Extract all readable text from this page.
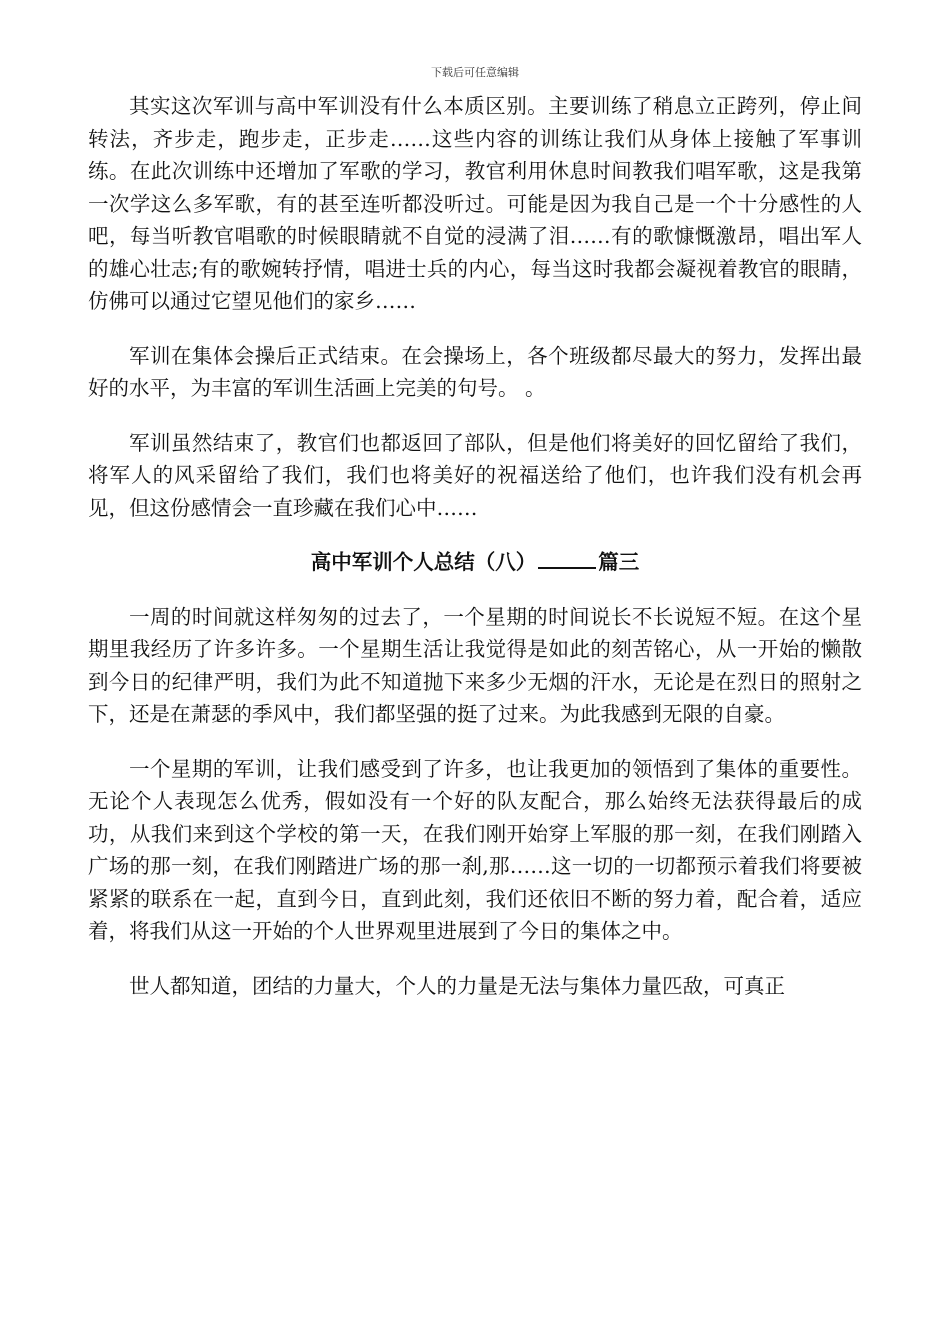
下载后可任意编辑

其实这次军训与高中军训没有什么本质区别。主要训练了稍息立正跨列，停止间转法，齐步走，跑步走，正步走……这些内容的训练让我们从身体上接触了军事训练。在此次训练中还增加了军歌的学习，教官利用休息时间教我们唱军歌，这是我第一次学这么多军歌，有的甚至连听都没听过。可能是因为我自己是一个十分感性的人吧，每当听教官唱歌的时候眼睛就不自觉的浸满了泪……有的歌慷慨激昂，唱出军人的雄心壮志;有的歌婉转抒情，唱进士兵的内心，每当这时我都会凝视着教官的眼睛，仿佛可以通过它望见他们的家乡……

军训在集体会操后正式结束。在会操场上，各个班级都尽最大的努力，发挥出最好的水平，为丰富的军训生活画上完美的句号。 。

军训虽然结束了，教官们也都返回了部队，但是他们将美好的回忆留给了我们，将军人的风采留给了我们，我们也将美好的祝福送给了他们，也许我们没有机会再见，但这份感情会一直珍藏在我们心中……

高中军训个人总结（八）	篇三

一周的时间就这样匆匆的过去了，一个星期的时间说长不长说短不短。在这个星期里我经历了许多许多。一个星期生活让我觉得是如此的刻苦铭心，从一开始的懒散到今日的纪律严明，我们为此不知道抛下来多少无烟的汗水，无论是在烈日的照射之下，还是在萧瑟的季风中，我们都坚强的挺了过来。为此我感到无限的自豪。

一个星期的军训，让我们感受到了许多，也让我更加的领悟到了集体的重要性。无论个人表现怎么优秀，假如没有一个好的队友配合，那么始终无法获得最后的成功，从我们来到这个学校的第一天，在我们刚开始穿上军服的那一刻，在我们刚踏入广场的那一刻，在我们刚踏进广场的那一刹,那……这一切的一切都预示着我们将要被紧紧的联系在一起，直到今日，直到此刻，我们还依旧不断的努力着，配合着，适应着，将我们从这一开始的个人世界观里进展到了今日的集体之中。

世人都知道，团结的力量大，个人的力量是无法与集体力量匹敌，可真正
